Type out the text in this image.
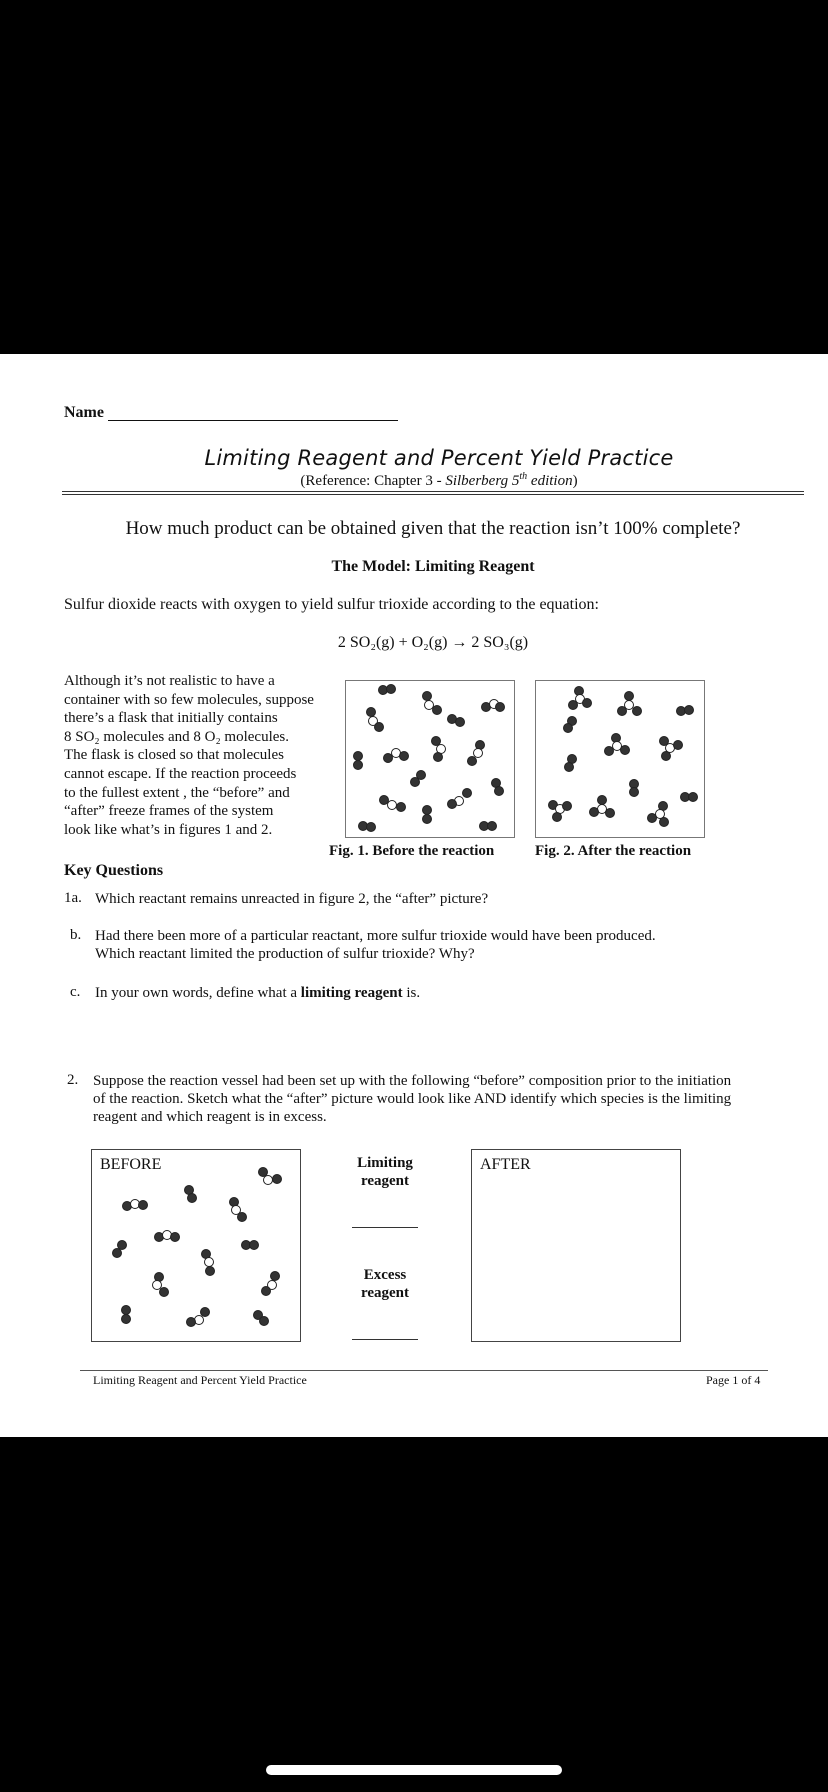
Name
Limiting Reagent and Percent Yield Practice
(Reference: Chapter 3 - Silberberg 5th edition)
How much product can be obtained given that the reaction isn’t 100% complete?
The Model: Limiting Reagent
Sulfur dioxide reacts with oxygen to yield sulfur trioxide according to the equation:
2 SO₂(g) + O₂(g) → 2 SO₃(g)
Although it’s not realistic to have a
container with so few molecules, suppose
there’s a flask that initially contains
8 SO₂ molecules and 8 O₂ molecules.
The flask is closed so that molecules
cannot escape. If the reaction proceeds
to the fullest extent , the “before” and
“after” freeze frames of the system
look like what’s in figures 1 and 2.
Fig. 1. Before the reaction	Fig. 2. After the reaction
Key Questions
1a. Which reactant remains unreacted in figure 2, the “after” picture?
b. Had there been more of a particular reactant, more sulfur trioxide would have been produced. Which reactant limited the production of sulfur trioxide? Why?
c. In your own words, define what a limiting reagent is.
2. Suppose the reaction vessel had been set up with the following “before” composition prior to the initiation of the reaction. Sketch what the “after” picture would look like AND identify which species is the limiting reagent and which reagent is in excess.
BEFORE	Limiting
reagent
Excess
reagent
AFTER
Limiting Reagent and Percent Yield Practice	Page 1 of 4
